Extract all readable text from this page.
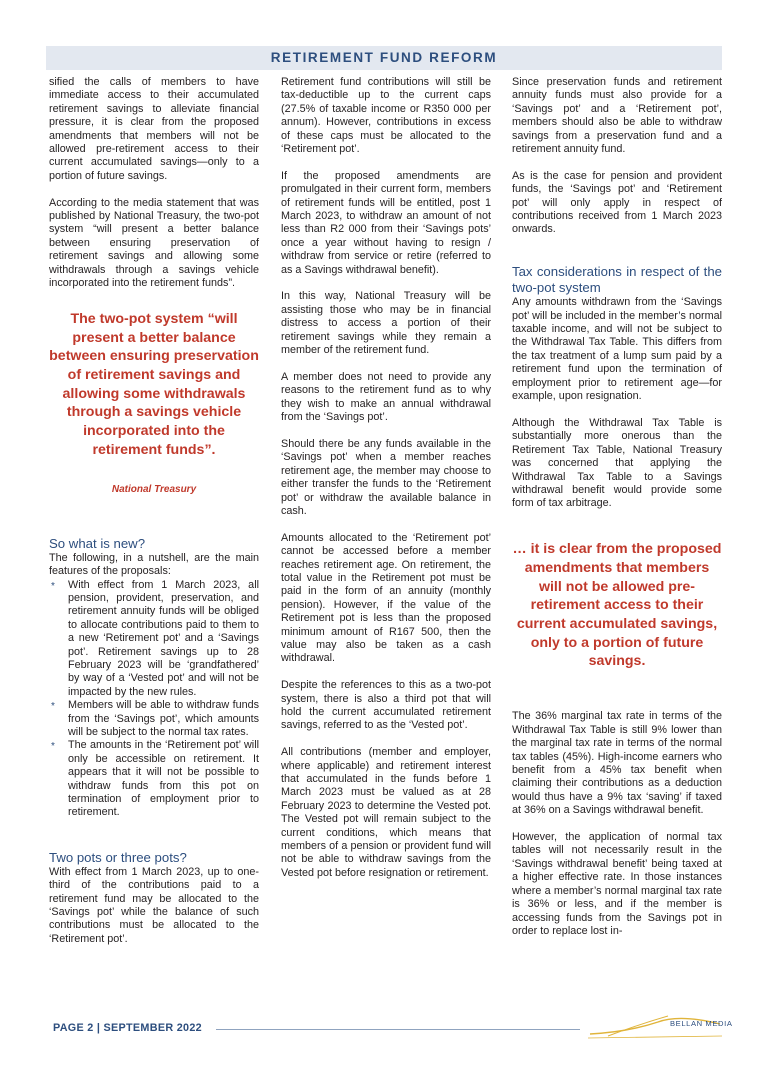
RETIREMENT FUND REFORM

sified the calls of members to have immediate access to their accumulated retirement savings to alleviate financial pressure, it is clear from the proposed amendments that members will not be allowed pre-retirement access to their current accumulated savings—only to a portion of future savings.

According to the media statement that was published by National Treasury, the two-pot system “will present a better balance between ensuring preservation of retirement savings and allowing some withdrawals through a savings vehicle incorporated into the retirement funds”.

The two-pot system “will present a better balance between ensuring preservation of retirement savings and allowing some withdrawals through a savings vehicle incorporated into the retirement funds”.

National Treasury

So what is new?

The following, in a nutshell, are the main features of the proposals:

* With effect from 1 March 2023, all pension, provident, preservation, and retirement annuity funds will be obliged to allocate contributions paid to them to a new ‘Retirement pot’ and a ‘Savings pot’. Retirement savings up to 28 February 2023 will be ‘grandfathered’ by way of a ‘Vested pot’ and will not be impacted by the new rules.
* Members will be able to withdraw funds from the ‘Savings pot’, which amounts will be subject to the normal tax rates.
* The amounts in the ‘Retirement pot’ will only be accessible on retirement. It appears that it will not be possible to withdraw funds from this pot on termination of employment prior to retirement.
Two pots or three pots?

With effect from 1 March 2023, up to one-third of the contributions paid to a retirement fund may be allocated to the ‘Savings pot’ while the balance of such contributions must be allocated to the ‘Retirement pot’.

Retirement fund contributions will still be tax-deductible up to the current caps (27.5% of taxable income or R350 000 per annum). However, contributions in excess of these caps must be allocated to the ‘Retirement pot’.

If the proposed amendments are promulgated in their current form, members of retirement funds will be entitled, post 1 March 2023, to withdraw an amount of not less than R2 000 from their ‘Savings pots’ once a year without having to resign / withdraw from service or retire (referred to as a Savings withdrawal benefit).

In this way, National Treasury will be assisting those who may be in financial distress to access a portion of their retirement savings while they remain a member of the retirement fund.

A member does not need to provide any reasons to the retirement fund as to why they wish to make an annual withdrawal from the ‘Savings pot’.

Should there be any funds available in the ‘Savings pot’ when a member reaches retirement age, the member may choose to either transfer the funds to the ‘Retirement pot’ or withdraw the available balance in cash.

Amounts allocated to the ‘Retirement pot’ cannot be accessed before a member reaches retirement age. On retirement, the total value in the Retirement pot must be paid in the form of an annuity (monthly pension). However, if the value of the Retirement pot is less than the proposed minimum amount of R167 500, then the value may also be taken as a cash withdrawal.

Despite the references to this as a two-pot system, there is also a third pot that will hold the current accumulated retirement savings, referred to as the ‘Vested pot’.

All contributions (member and employer, where applicable) and retirement interest that accumulated in the funds before 1 March 2023 must be valued as at 28 February 2023 to determine the Vested pot. The Vested pot will remain subject to the current conditions, which means that members of a pension or provident fund will not be able to withdraw savings from the Vested pot before resignation or retirement.

Since preservation funds and retirement annuity funds must also provide for a ‘Savings pot’ and a ‘Retirement pot’, members should also be able to withdraw savings from a preservation fund and a retirement annuity fund.

As is the case for pension and provident funds, the ‘Savings pot’ and ‘Retirement pot’ will only apply in respect of contributions received from 1 March 2023 onwards.

Tax considerations in respect of the two-pot system

Any amounts withdrawn from the ‘Savings pot’ will be included in the member’s normal taxable income, and will not be subject to the Withdrawal Tax Table. This differs from the tax treatment of a lump sum paid by a retirement fund upon the termination of employment prior to retirement age—for example, upon resignation.

Although the Withdrawal Tax Table is substantially more onerous than the Retirement Tax Table, National Treasury was concerned that applying the Withdrawal Tax Table to a Savings withdrawal benefit would provide some form of tax arbitrage.

… it is clear from the proposed amendments that members will not be allowed pre-retirement access to their current accumulated savings, only to a portion of future savings.

The 36% marginal tax rate in terms of the Withdrawal Tax Table is still 9% lower than the marginal tax rate in terms of the normal tax tables (45%). High-income earners who benefit from a 45% tax benefit when claiming their contributions as a deduction would thus have a 9% tax ‘saving’ if taxed at 36% on a Savings withdrawal benefit.

However, the application of normal tax tables will not necessarily result in the ‘Savings withdrawal benefit’ being taxed at a higher effective rate. In those instances where a member’s normal marginal tax rate is 36% or less, and if the member is accessing funds from the Savings pot in order to replace lost in-

PAGE 2 | SEPTEMBER 2022	BELLAN MEDIA
